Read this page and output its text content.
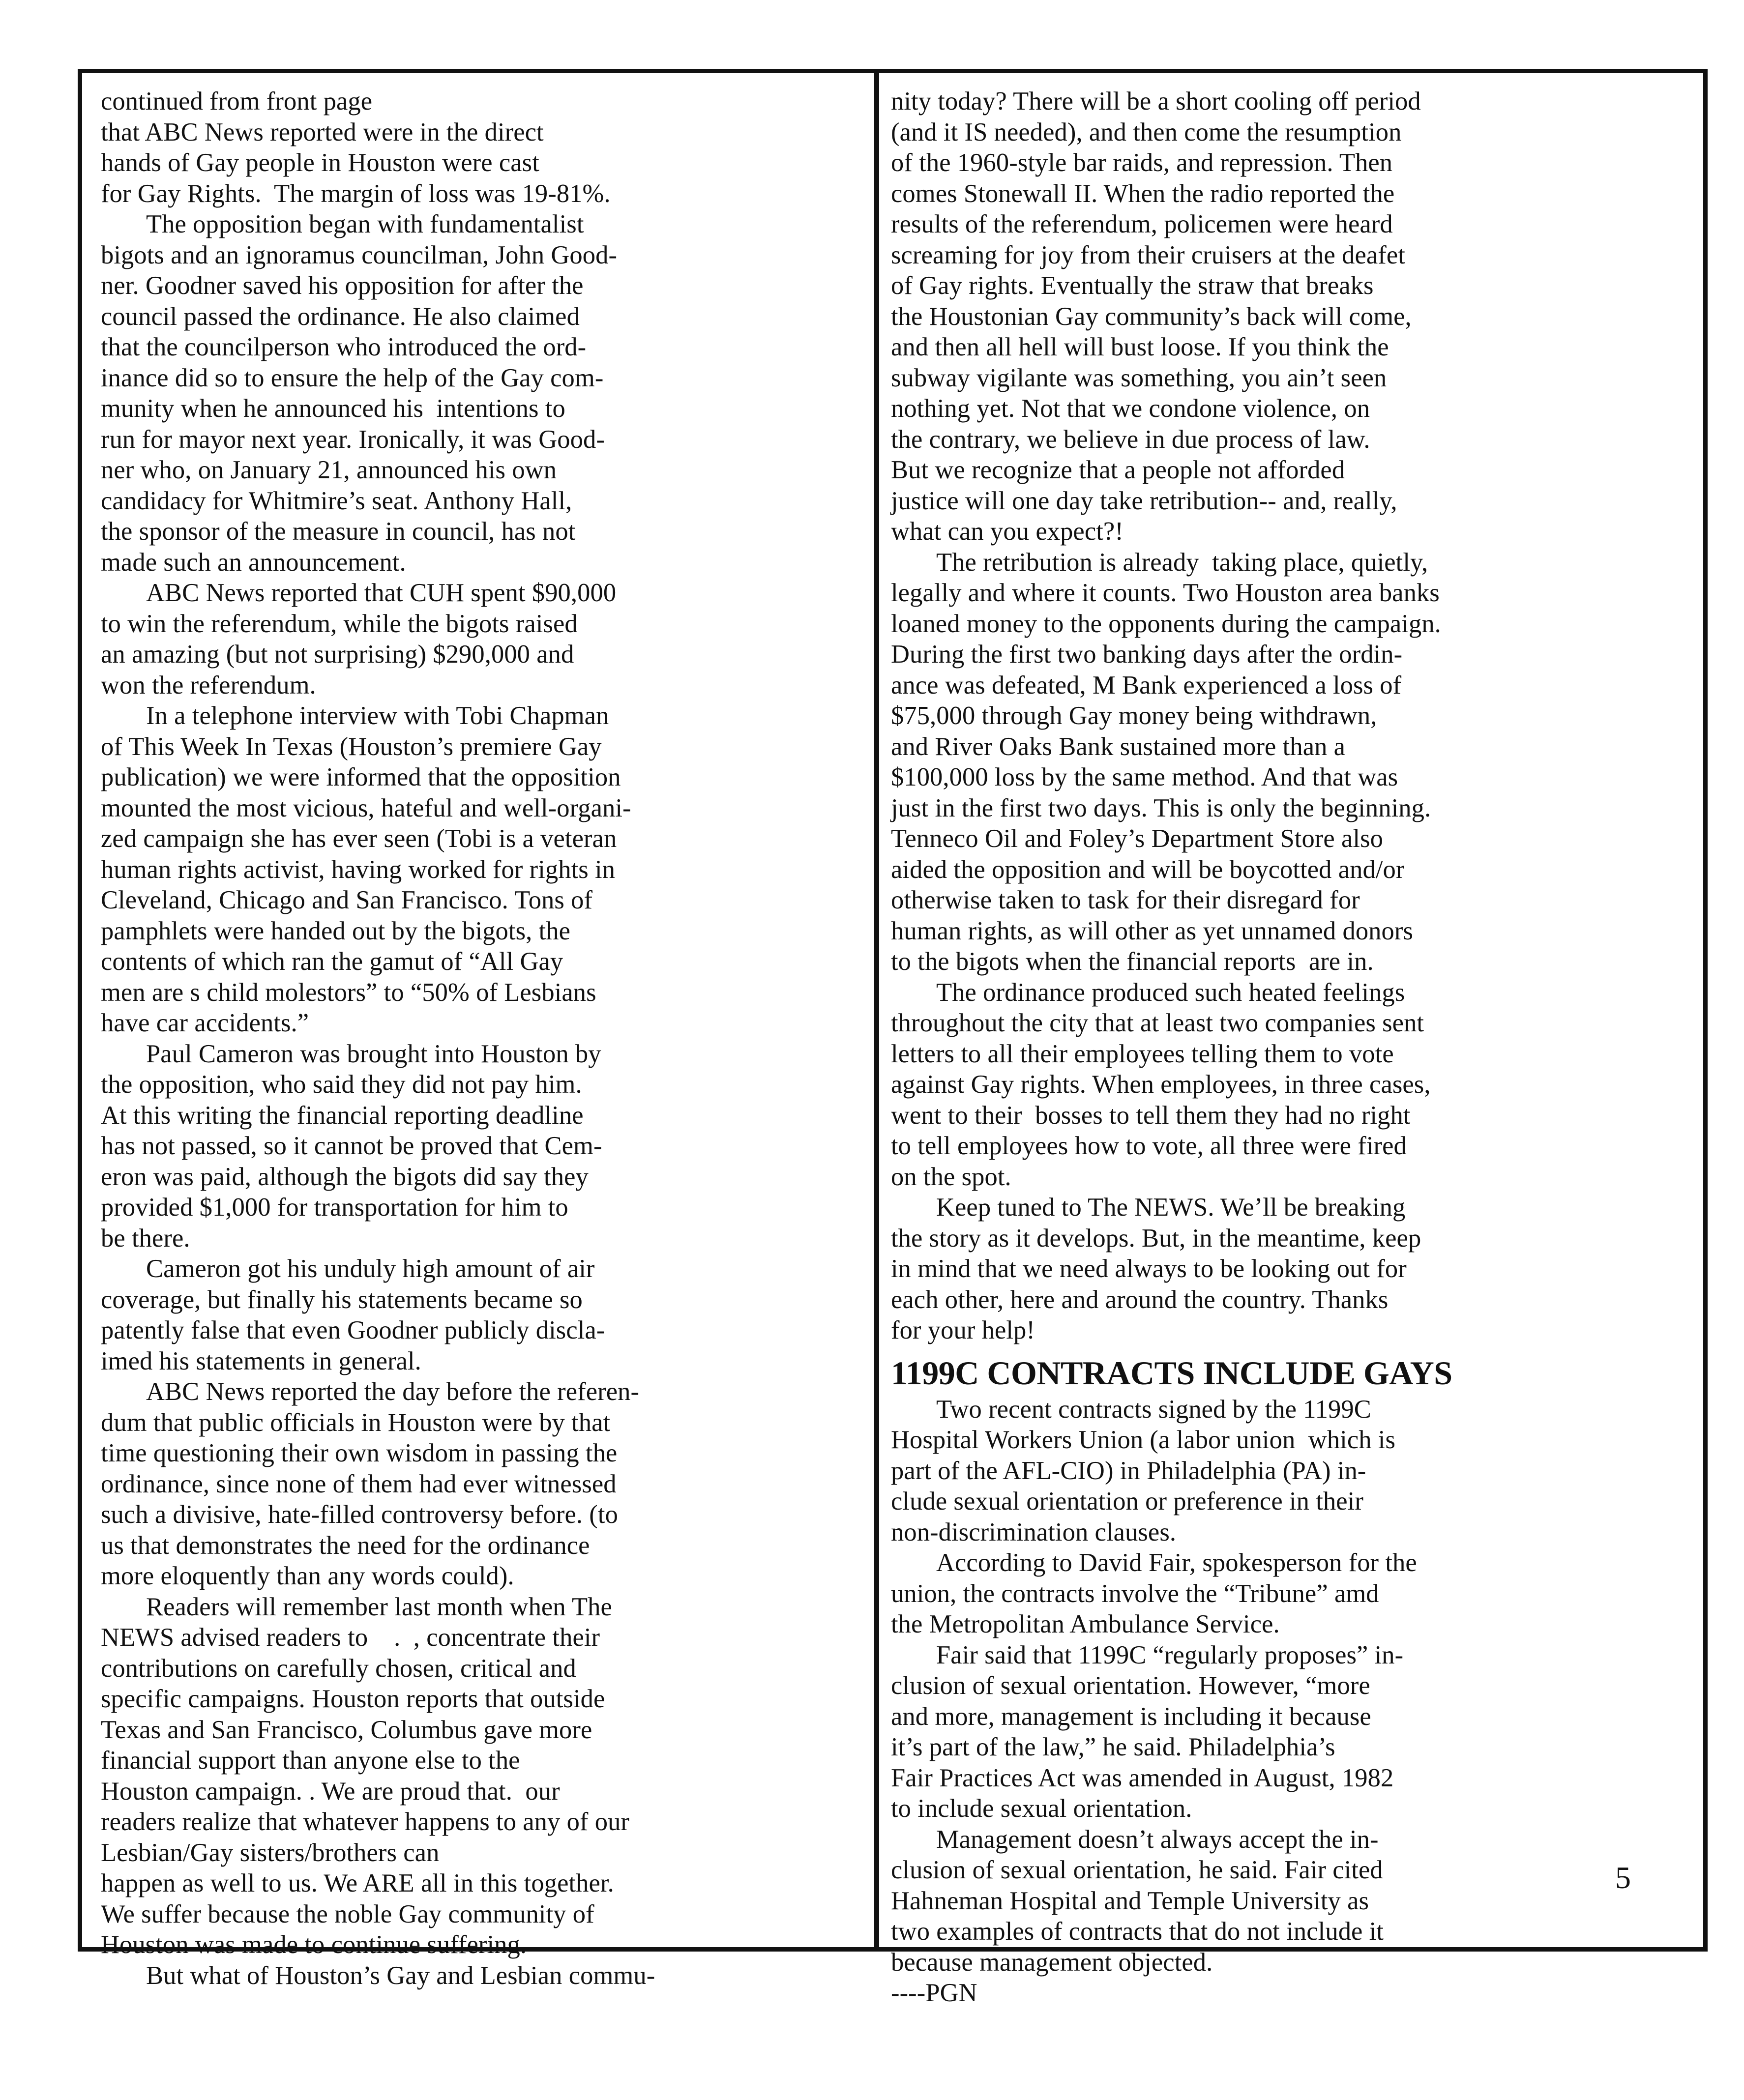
continued from front page

that ABC News reported were in the direct

hands of Gay people in Houston were cast

for Gay Rights.  The margin of loss was 19-81%.

The opposition began with fundamentalist

bigots and an ignoramus councilman, John Good-

ner. Goodner saved his opposition for after the

council passed the ordinance. He also claimed

that the councilperson who introduced the ord-

inance did so to ensure the help of the Gay com-

munity when he announced his  intentions to

run for mayor next year. Ironically, it was Good-

ner who, on January 21, announced his own

candidacy for Whitmire’s seat. Anthony Hall,

the sponsor of the measure in council, has not

made such an announcement.

ABC News reported that CUH spent $90,000

to win the referendum, while the bigots raised

an amazing (but not surprising) $290,000 and

won the referendum.

In a telephone interview with Tobi Chapman

of This Week In Texas (Houston’s premiere Gay

publication) we were informed that the opposition

mounted the most vicious, hateful and well-organi-

zed campaign she has ever seen (Tobi is a veteran

human rights activist, having worked for rights in

Cleveland, Chicago and San Francisco. Tons of

pamphlets were handed out by the bigots, the

contents of which ran the gamut of “All Gay

men are s child molestors” to “50% of Lesbians

have car accidents.”

Paul Cameron was brought into Houston by

the opposition, who said they did not pay him.

At this writing the financial reporting deadline

has not passed, so it cannot be proved that Cem-

eron was paid, although the bigots did say they

provided $1,000 for transportation for him to

be there.

Cameron got his unduly high amount of air

coverage, but finally his statements became so

patently false that even Goodner publicly discla-

imed his statements in general.

ABC News reported the day before the referen-

dum that public officials in Houston were by that

time questioning their own wisdom in passing the

ordinance, since none of them had ever witnessed

such a divisive, hate-filled controversy before. (to

us that demonstrates the need for the ordinance

more eloquently than any words could).

Readers will remember last month when The

NEWS advised readers to    .  , concentrate their

contributions on carefully chosen, critical and

specific campaigns. Houston reports that outside

Texas and San Francisco, Columbus gave more

financial support than anyone else to the

Houston campaign. . We are proud that.  our

readers realize that whatever happens to any of our

Lesbian/Gay sisters/brothers can

happen as well to us. We ARE all in this together.

We suffer because the noble Gay community of

Houston was made to continue suffering.

But what of Houston’s Gay and Lesbian commu-

nity today? There will be a short cooling off period

(and it IS needed), and then come the resumption

of the 1960-style bar raids, and repression. Then

comes Stonewall II. When the radio reported the

results of the referendum, policemen were heard

screaming for joy from their cruisers at the deafet

of Gay rights. Eventually the straw that breaks

the Houstonian Gay community’s back will come,

and then all hell will bust loose. If you think the

subway vigilante was something, you ain’t seen

nothing yet. Not that we condone violence, on

the contrary, we believe in due process of law.

But we recognize that a people not afforded

justice will one day take retribution-- and, really,

what can you expect?!

The retribution is already  taking place, quietly,

legally and where it counts. Two Houston area banks

loaned money to the opponents during the campaign.

During the first two banking days after the ordin-

ance was defeated, M Bank experienced a loss of

$75,000 through Gay money being withdrawn,

and River Oaks Bank sustained more than a

$100,000 loss by the same method. And that was

just in the first two days. This is only the beginning.

Tenneco Oil and Foley’s Department Store also

aided the opposition and will be boycotted and/or

otherwise taken to task for their disregard for

human rights, as will other as yet unnamed donors

to the bigots when the financial reports  are in.

The ordinance produced such heated feelings

throughout the city that at least two companies sent

letters to all their employees telling them to vote

against Gay rights. When employees, in three cases,

went to their  bosses to tell them they had no right

to tell employees how to vote, all three were fired

on the spot.

Keep tuned to The NEWS. We’ll be breaking

the story as it develops. But, in the meantime, keep

in mind that we need always to be looking out for

each other, here and around the country. Thanks

for your help!

1199C CONTRACTS INCLUDE GAYS

Two recent contracts signed by the 1199C

Hospital Workers Union (a labor union  which is

part of the AFL-CIO) in Philadelphia (PA) in-

clude sexual orientation or preference in their

non-discrimination clauses.

According to David Fair, spokesperson for the

union, the contracts involve the “Tribune” amd

the Metropolitan Ambulance Service.

Fair said that 1199C “regularly proposes” in-

clusion of sexual orientation. However, “more

and more, management is including it because

it’s part of the law,” he said. Philadelphia’s

Fair Practices Act was amended in August, 1982

to include sexual orientation.

Management doesn’t always accept the in-

clusion of sexual orientation, he said. Fair cited

Hahneman Hospital and Temple University as

two examples of contracts that do not include it

because management objected.

----PGN

5
